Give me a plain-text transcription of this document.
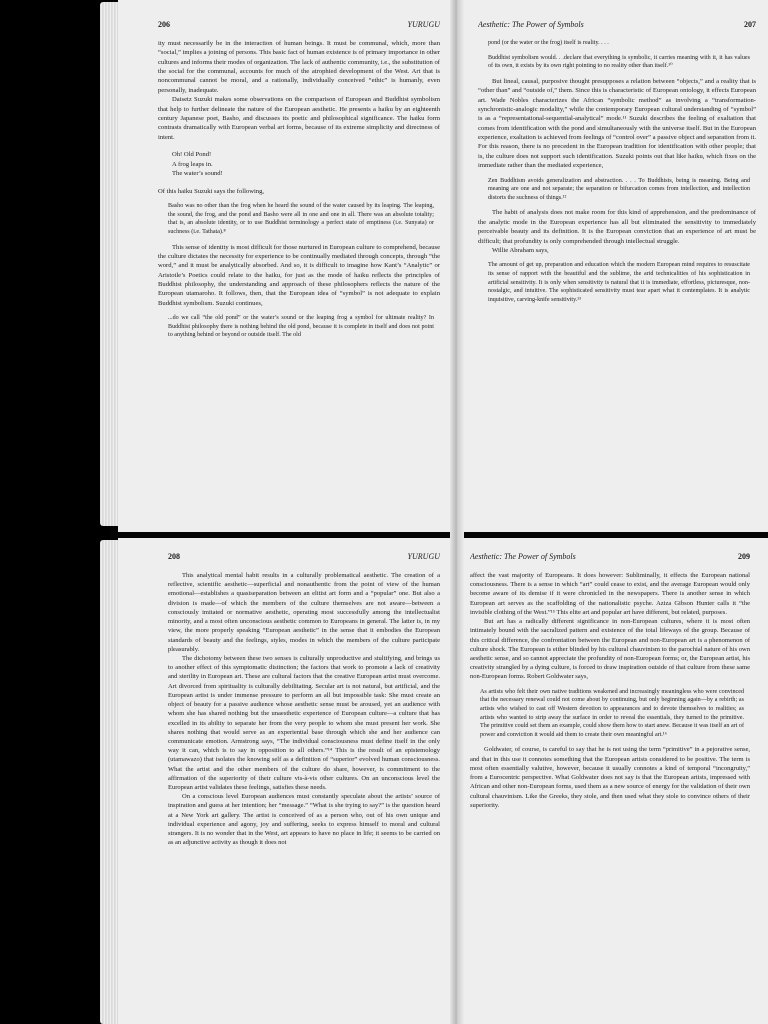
206	YURUGU

ity must necessarily be in the interaction of human beings. It must be communal, which, more than “social,” implies a joining of persons. This basic fact of human existence is of primary importance in other cultures and informs their modes of organization. The lack of authentic community, i.e., the substitution of the social for the communal, accounts for much of the atrophied development of the West. Art that is noncommunal cannot be moral, and a rationally, individually conceived “ethic” is humanly, even personally, inadequate.

Daisetz Suzuki makes some observations on the comparison of European and Buddhist symbolism that help to further delineate the nature of the European aesthetic. He presents a haiku by an eighteenth century Japanese poet, Basho, and discusses its poetic and philosophical significance. The haiku form contrasts dramatically with European verbal art forms, because of its extreme simplicity and directness of intent.

Oh! Old Pond!
A frog leaps in.
The water’s sound!

Of this haiku Suzuki says the following,

Basho was no other than the frog when he heard the sound of the water caused by its leaping. The leaping, the sound, the frog, and the pond and Basho were all in one and one in all. There was an absolute totality; that is, an absolute identity, or to use Buddhist terminology a perfect state of emptiness (i.e. Sunyata) or suchness (i.e. Tathata).⁸

This sense of identity is most difficult for those nurtured in European culture to comprehend, because the culture dictates the necessity for experience to be continually mediated through concepts, through “the word,” and it must be analytically absorbed. And so, it is difficult to imagine how Kant’s “Analytic” or Aristotle’s Poetics could relate to the haiku, for just as the mode of haiku reflects the principles of Buddhist philosophy, the understanding and approach of these philosophers reflects the nature of the European utamaroho. It follows, then, that the European idea of “symbol” is not adequate to explain Buddhist symbolism. Suzuki continues,

...do we call “the old pond” or the water’s sound or the leaping frog a symbol for ultimate reality? In Buddhist philosophy there is nothing behind the old pond, because it is complete in itself and does not point to anything behind or beyond or outside itself. The old

Aesthetic: The Power of Symbols	207

pond (or the water or the frog) itself is reality. . . .

Buddhist symbolism would. . .declare that everything is symbolic, it carries meaning with it, it has values of its own, it exists by its own right pointing to no reality other than itself.¹⁰

But lineal, causal, purposive thought presupposes a relation between “objects,” and a reality that is “other than” and “outside of,” them. Since this is characteristic of European ontology, it effects European art. Wade Nobles characterizes the African “symbolic method” as involving a “transformation-synchronistic-analogic modality,” while the contemporary European cultural understanding of “symbol” is as a “representational-sequential-analytical” mode.¹¹ Suzuki describes the feeling of exaltation that comes from identification with the pond and simultaneously with the universe itself. But in the European experience, exaltation is achieved from feelings of “control over” a passive object and separation from it. For this reason, there is no precedent in the European tradition for identification with other people; that is, the culture does not support such identification. Suzuki points out that like haiku, which fixes on the immediate rather than the mediated experience,

Zen Buddhism avoids generalization and abstraction. . . . To Buddhists, being is meaning. Being and meaning are one and not separate; the separation or bifurcation comes from intellection, and intellection distorts the suchness of things.¹²

The habit of analysis does not make room for this kind of apprehension, and the predominance of the analytic mode in the European experience has all but eliminated the sensitivity to immediately perceivable beauty and its definition. It is the European conviction that an experience of art must be difficult; that profundity is only comprehended through intellectual struggle.

Willie Abraham says,

The amount of get up, preparation and education which the modern European mind requires to resuscitate its sense of rapport with the beautiful and the sublime, the arid technicalities of his sophistication in artificial sensitivity. It is only when sensitivity is natural that it is immediate, effortless, picturesque, non-nostalgic, and intuitive. The sophisticated sensitivity must tear apart what it contemplates. It is analytic inquisitive, carving-knife sensitivity.¹³

208	YURUGU

This analytical mental habit results in a culturally problematical aesthetic. The creation of a reflective, scientific aesthetic—superficial and nonauthentic from the point of view of the human emotional—establishes a quasiseparation between an elitist art form and a “popular” one. But also a division is made—of which the members of the culture themselves are not aware—between a consciously imitated or normative aesthetic, operating most successfully among the intellectualist minority, and a most often unconscious aesthetic common to Europeans in general. The latter is, in my view, the more properly speaking “European aesthetic” in the sense that it embodies the European standards of beauty and the feelings, styles, modes in which the members of the culture participate pleasurably.

The dichotomy between these two senses is culturally unproductive and stultifying, and brings us to another effect of this symptomatic distinction; the factors that work to promote a lack of creativity and sterility in European art. These are cultural factors that the creative European artist must overcome. Art divorced from spirituality is culturally debilitating. Secular art is not natural, but artificial, and the European artist is under immense pressure to perform an all but impossible task: She must create an object of beauty for a passive audience whose aesthetic sense must be aroused, yet an audience with whom she has shared nothing but the unaesthetic experience of European culture—a culture that has excelled in its ability to separate her from the very people to whom she must present her work. She shares nothing that would serve as an experiential base through which she and her audience can communicate emotion. Armstrong says, “The individual consciousness must define itself in the only way it can, which is to say in opposition to all others.”¹⁴ This is the result of an epistemology (utamawazo) that isolates the knowing self as a definition of “superior” evolved human consciousness. What the artist and the other members of the culture do share, however, is commitment to the affirmation of the superiority of their culture vis-à-vis other cultures. On an unconscious level the European artist validates these feelings, satisfies these needs.

On a conscious level European audiences must constantly speculate about the artists’ source of inspiration and guess at her intention; her “message.” “What is she trying to say?” is the question heard at a New York art gallery. The artist is conceived of as a person who, out of his own unique and individual experience and agony, joy and suffering, seeks to express himself to moral and cultural strangers. It is no wonder that in the West, art appears to have no place in life; it seems to be carried on as an adjunctive activity as though it does not

Aesthetic: The Power of Symbols	209

affect the vast majority of Europeans. It does however: Subliminally, it effects the European national consciousness. There is a sense in which “art” could cease to exist, and the average European would only become aware of its demise if it were chronicled in the newspapers. There is another sense in which European art serves as the scaffolding of the nationalistic psyche. Aziza Gibson Hunter calls it “the invisible clothing of the West.”¹⁵ This elite art and popular art have different, but related, purposes.

But art has a radically different significance in non-European cultures, where it is most often intimately bound with the sacralized pattern and existence of the total lifeways of the group. Because of this critical difference, the confrontation between the European and non-European art is a phenomenon of culture shock. The European is either blinded by his cultural chauvinism to the parochial nature of his own aesthetic sense, and so cannot appreciate the profundity of non-European forms; or, the European artist, his creativity strangled by a dying culture, is forced to draw inspiration outside of that culture from these same non-European forms. Robert Goldwater says,

As artists who felt their own native traditions weakened and increasingly meaningless who were convinced that the necessary renewal could not come about by continuing, but only beginning again—by a rebirth; as artists who wished to cast off Western devotion to appearances and to devote themselves to realities; as artists who wanted to strip away the surface in order to reveal the essentials, they turned to the primitive. The primitive could set them an example, could show them how to start anew. Because it was itself an art of power and conviction it would aid them to create their own meaningful art.¹⁶

Goldwater, of course, is careful to say that he is not using the term “primitive” in a pejorative sense, and that in this use it connotes something that the European artists considered to be positive. The term is most often essentially valutive, however, because it usually connotes a kind of temporal “incongruity,” from a Eurocentric perspective. What Goldwater does not say is that the European artists, impressed with African and other non-European forms, used them as a new source of energy for the validation of their own cultural chauvinism. Like the Greeks, they stole, and then used what they stole to convince others of their superiority.
